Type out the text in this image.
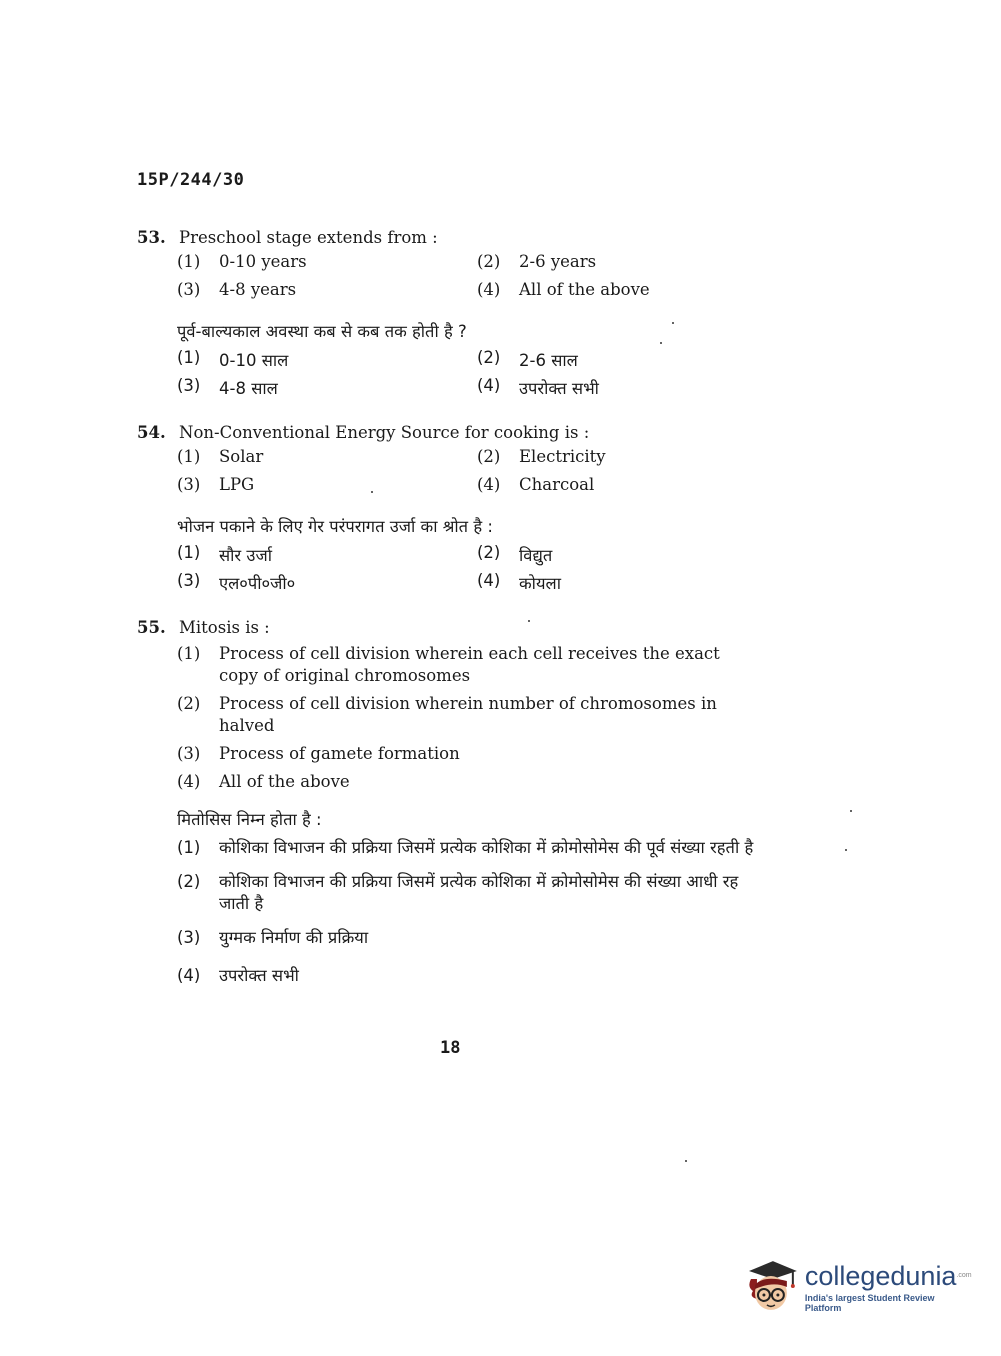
15P/244/30
53. Preschool stage extends from :
(1)	0-10 years	(2)	2-6 years
(3)	4-8 years	(4)	All of the above
पूर्व-बाल्यकाल अवस्था कब से कब तक होती है ?
(1)	0-10 साल	(2)	2-6 साल
(3)	4-8 साल	(4)	उपरोक्त सभी
54. Non-Conventional Energy Source for cooking is :
(1)	Solar	(2)	Electricity
(3)	LPG	(4)	Charcoal
भोजन पकाने के लिए गेर परंपरागत उर्जा का श्रोत है :
(1)	सौर उर्जा	(2)	विद्युत
(3)	एल०पी०जी०	(4)	कोयला
55. Mitosis is :
(1)	Process of cell division wherein each cell receives the exact copy of original chromosomes
(2)	Process of cell division wherein number of chromosomes in halved
(3)	Process of gamete formation
(4)	All of the above
मितोसिस निम्न होता है :
(1)	कोशिका विभाजन की प्रक्रिया जिसमें प्रत्येक कोशिका में क्रोमोसोमेस की पूर्व संख्या रहती है
(2)	कोशिका विभाजन की प्रक्रिया जिसमें प्रत्येक कोशिका में क्रोमोसोमेस की संख्या आधी रह जाती है
(3)	युग्मक निर्माण की प्रक्रिया
(4)	उपरोक्त सभी
18
collegedunia$^{.com}$
India's largest Student Review Platform
